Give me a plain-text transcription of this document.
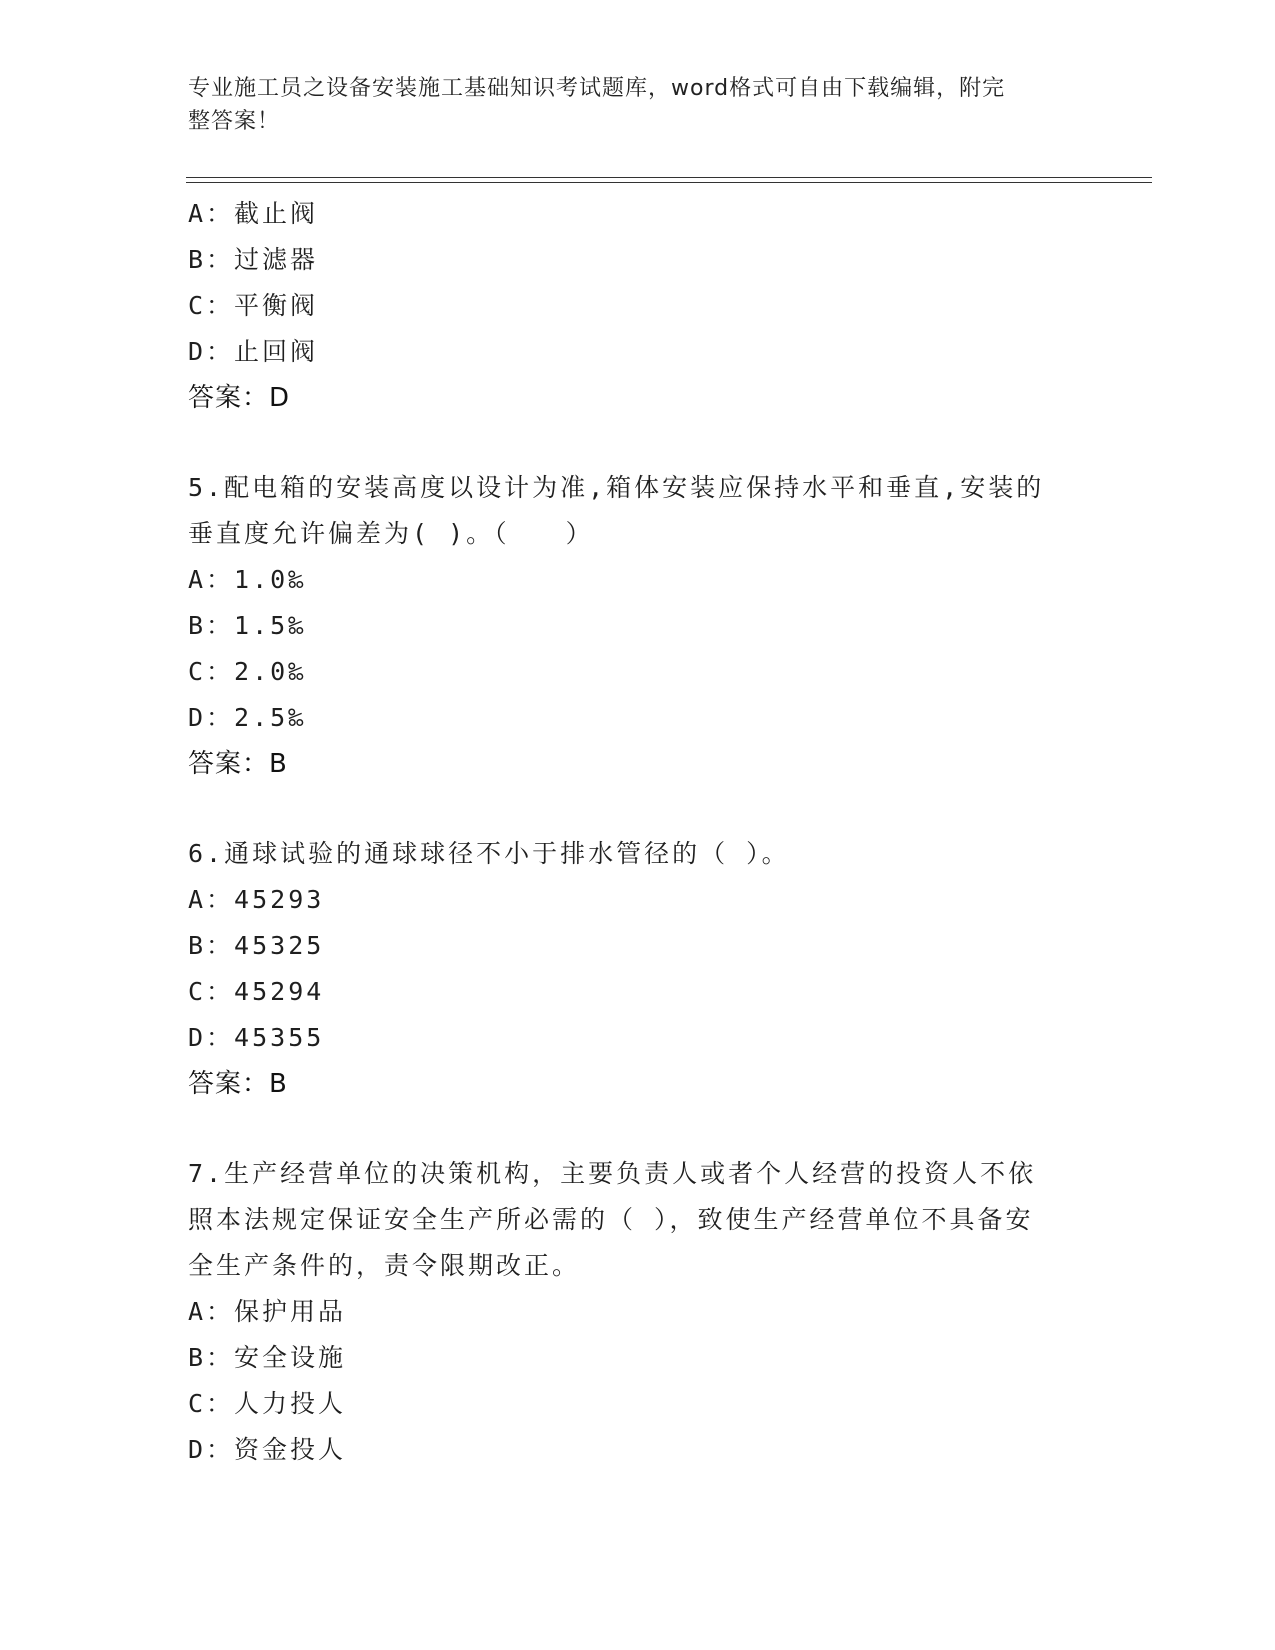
专业施工员之设备安装施工基础知识考试题库，word格式可自由下载编辑，附完
整答案！
A：截止阀
B：过滤器
C：平衡阀
D：止回阀
答案：D
5.配电箱的安装高度以设计为准,箱体安装应保持水平和垂直,安装的
垂直度允许偏差为( )。（　　）
A：1.0‰
B：1.5‰
C：2.0‰
D：2.5‰
答案：B
6.通球试验的通球球径不小于排水管径的（ ）。
A：45293
B：45325
C：45294
D：45355
答案：B
7.生产经营单位的决策机构，主要负责人或者个人经营的投资人不依
照本法规定保证安全生产所必需的（ ），致使生产经营单位不具备安
全生产条件的，责令限期改正。
A：保护用品
B：安全设施
C：人力投人
D：资金投人
